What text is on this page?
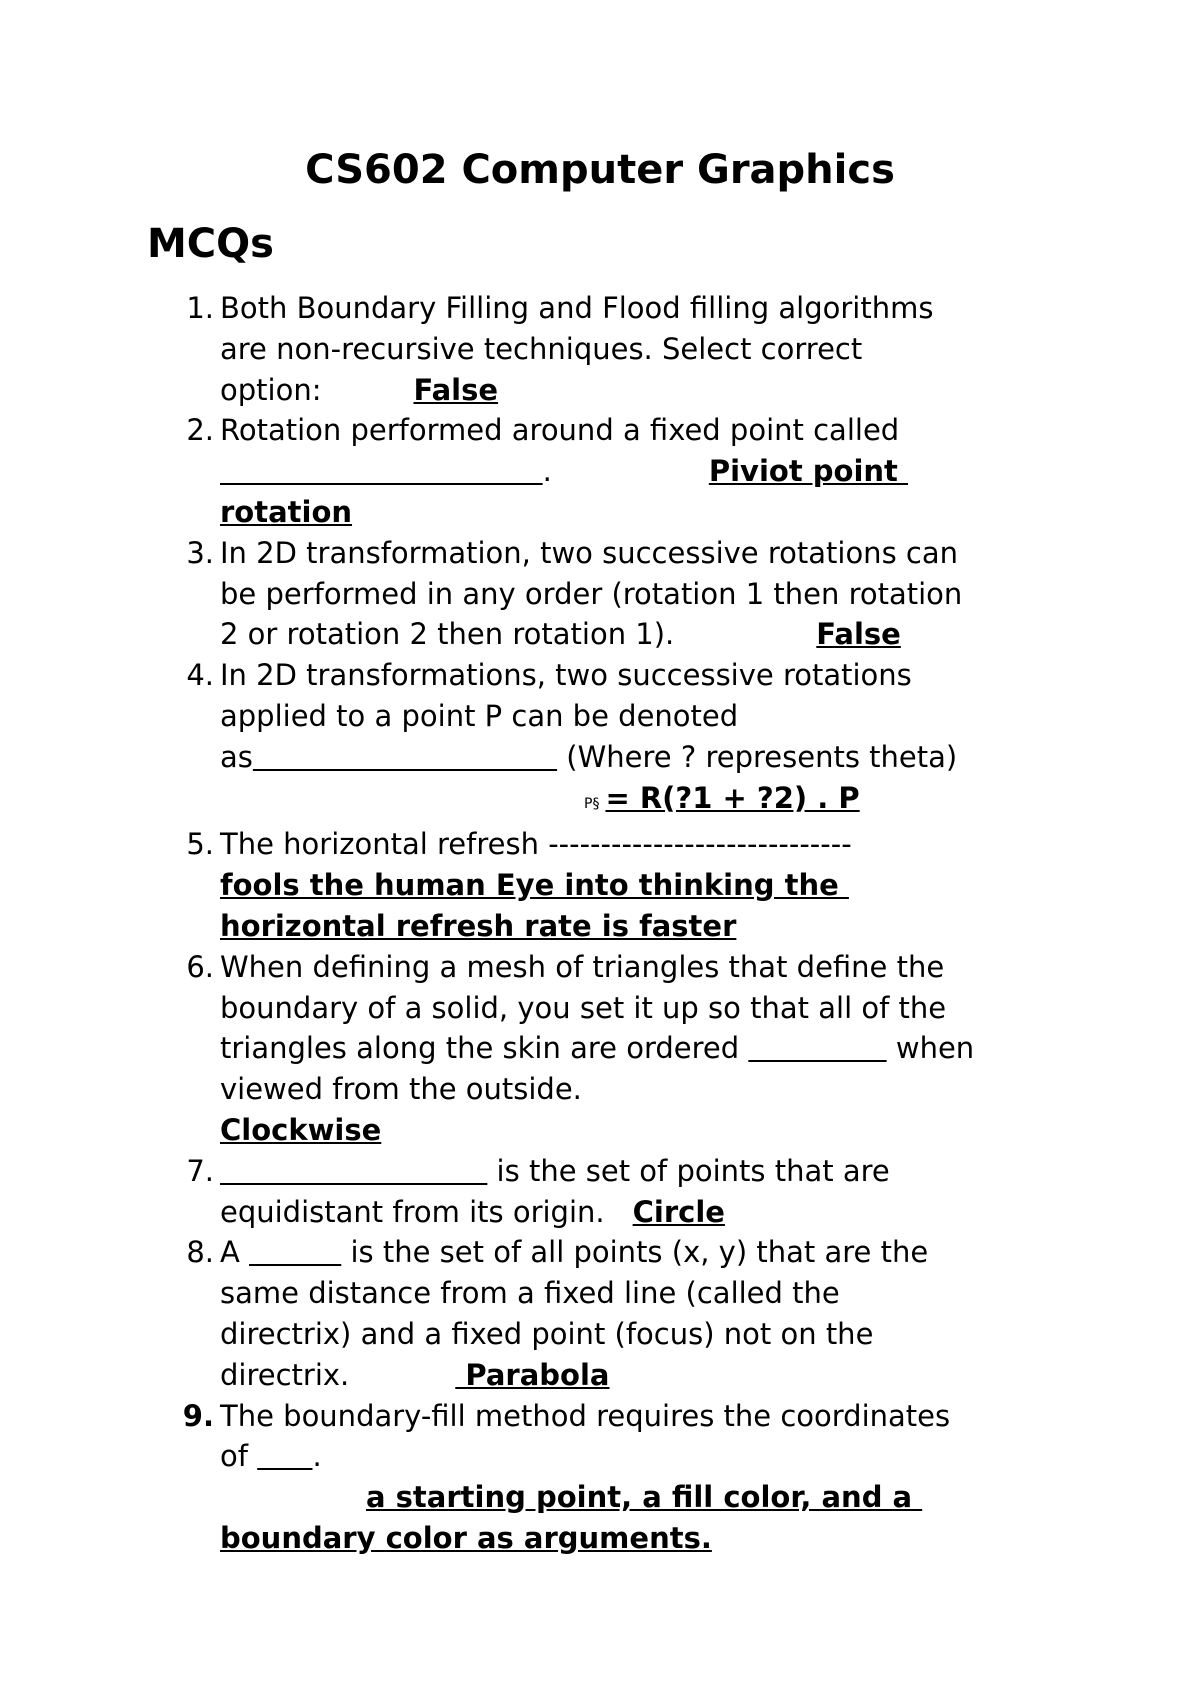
CS602 Computer Graphics
MCQs
1. Both Boundary Filling and Flood filling algorithms
are non-recursive techniques. Select correct
option:	False
2. Rotation performed around a fixed point called
.	Piviot point
rotation
3. In 2D transformation, two successive rotations can
be performed in any order (rotation 1 then rotation
2 or rotation 2 then rotation 1).	False
4. In 2D transformations, two successive rotations
applied to a point P can be denoted
as	(Where ? represents theta)
P§ = R(?1 + ?2) . P
5. The horizontal refresh -----------------------------
fools the human Eye into thinking the
horizontal refresh rate is faster
6. When defining a mesh of triangles that define the
boundary of a solid, you set it up so that all of the
triangles along the skin are ordered	when
viewed from the outside.
Clockwise
7.	is the set of points that are
equidistant from its origin. Circle
8. A	is the set of all points (x, y) that are the
same distance from a fixed line (called the
directrix) and a fixed point (focus) not on the
directrix.	Parabola
9. The boundary-fill method requires the coordinates
of       .
a starting point, a fill color, and a
boundary color as arguments.
